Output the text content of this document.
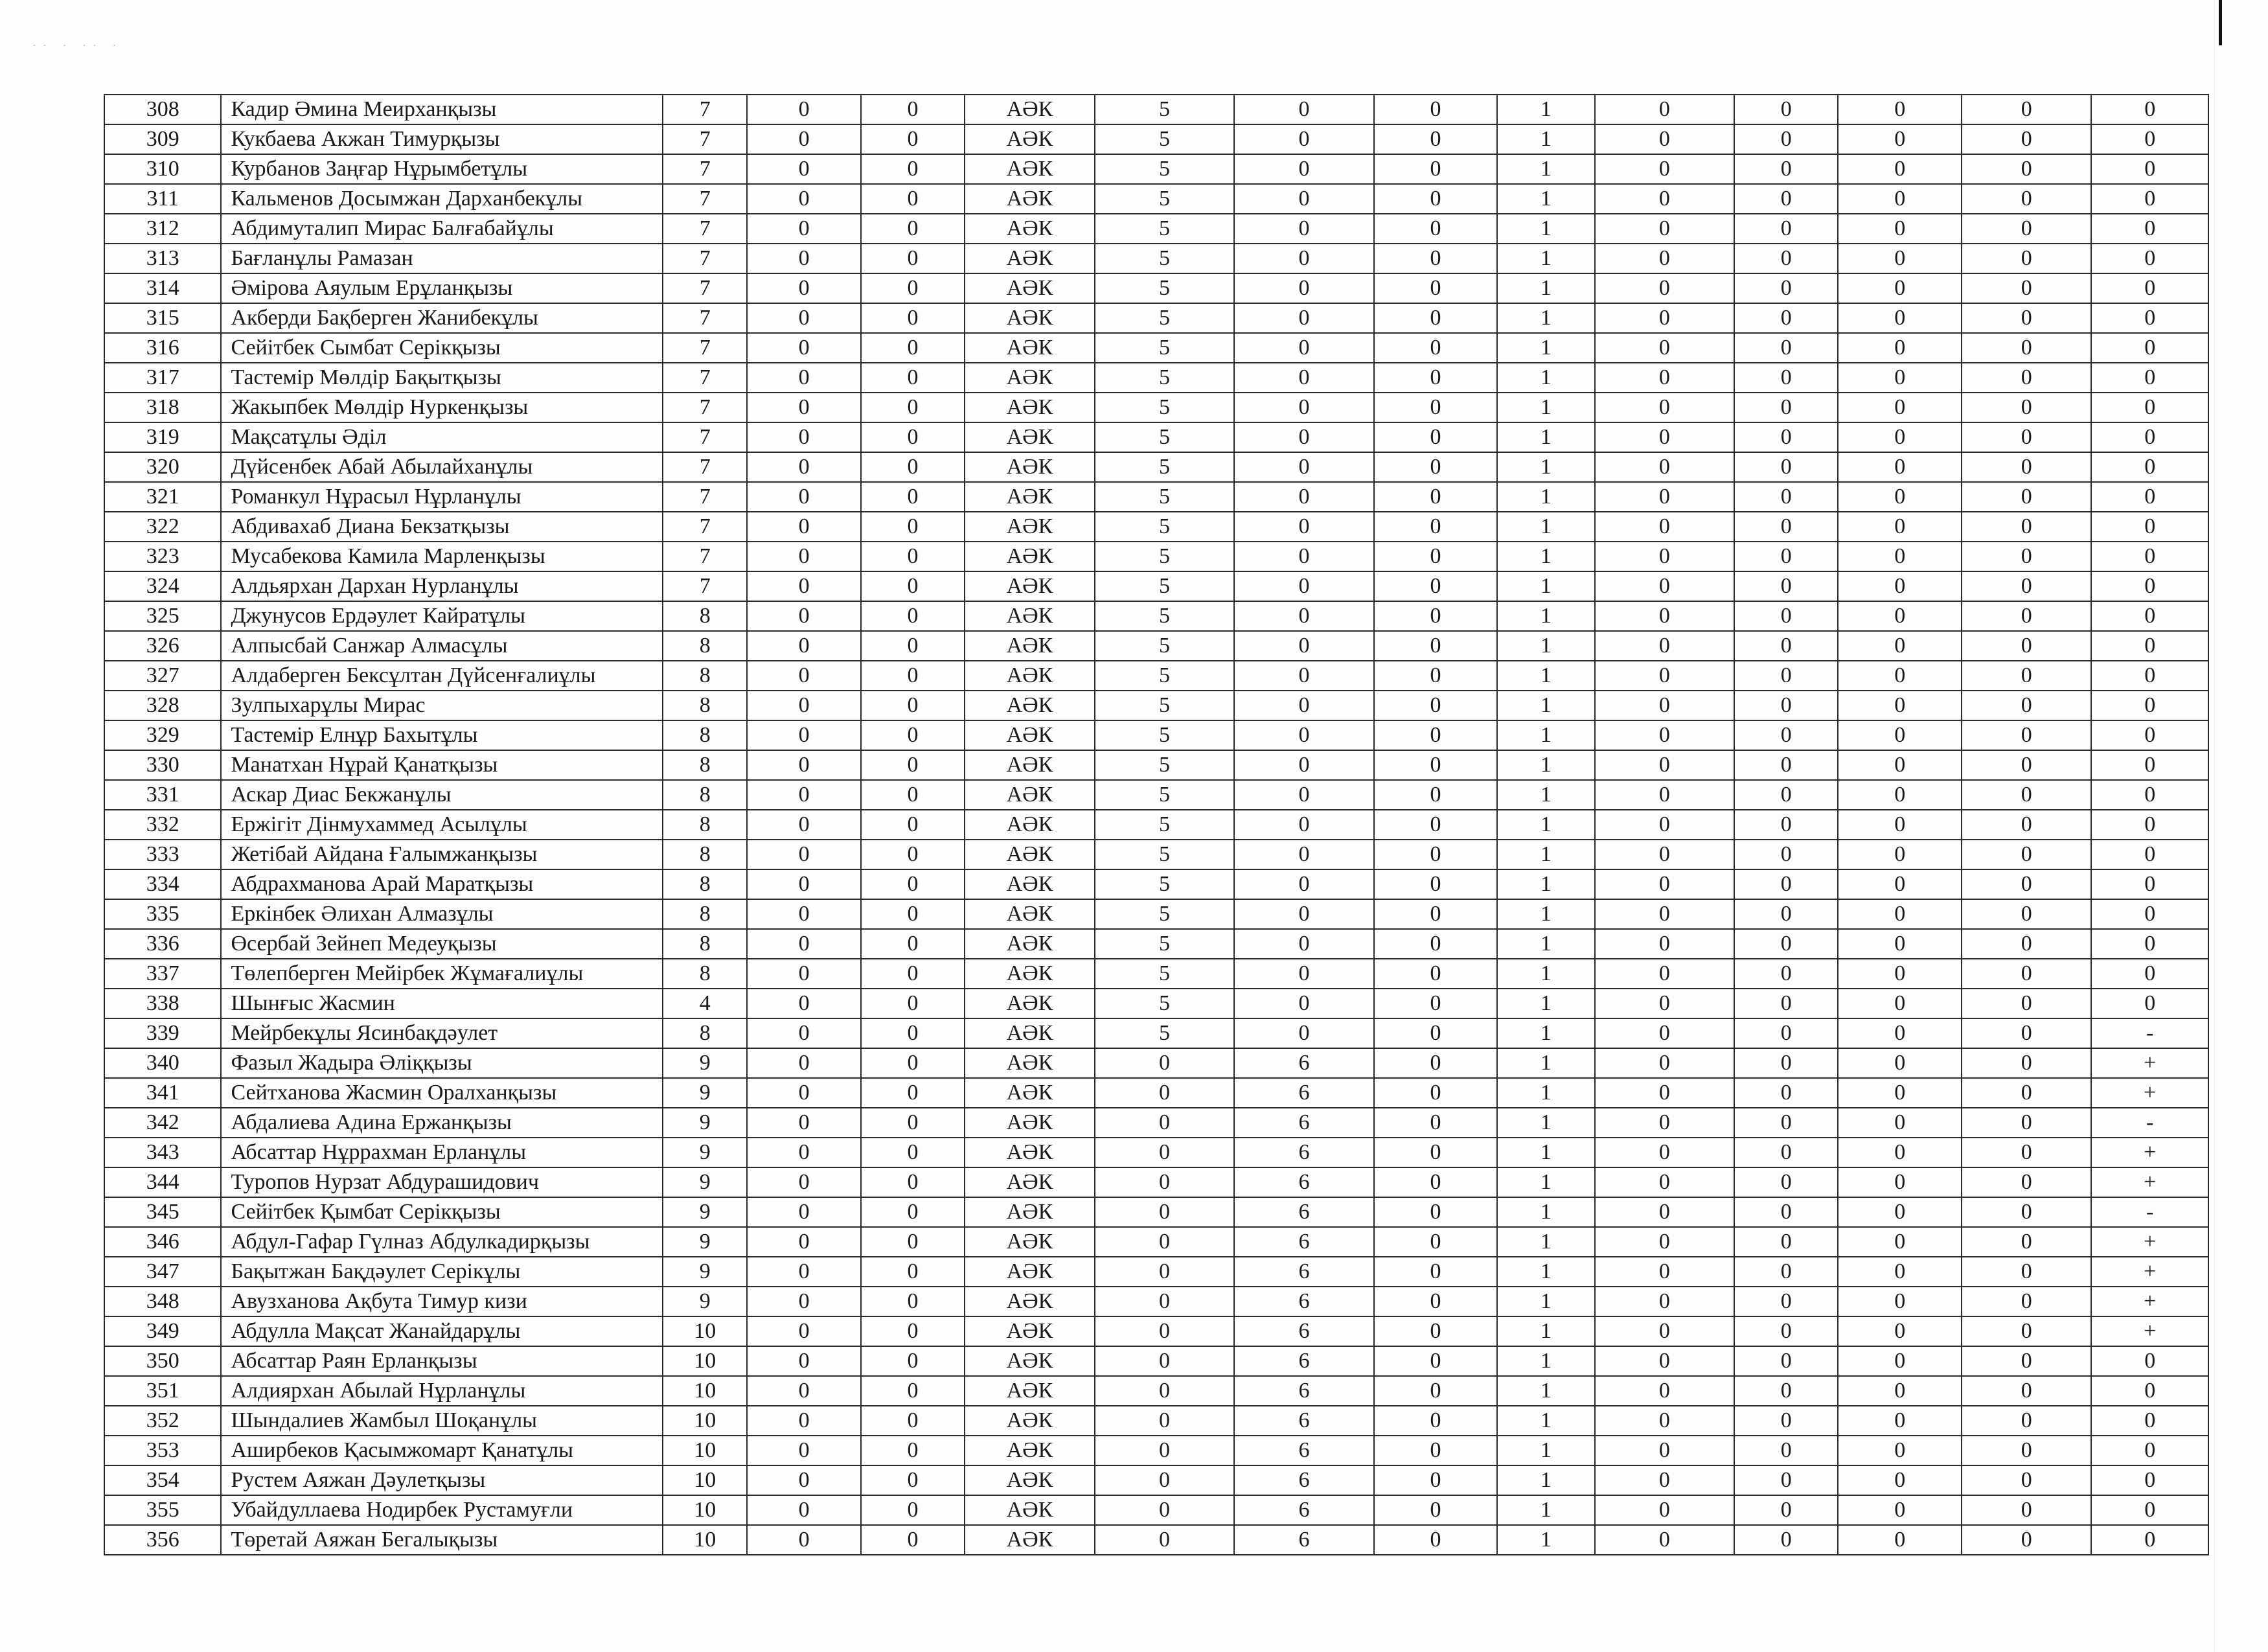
·· · ·· ·
308	Кадир Әмина Меирханқызы	7	0	0	АӘК	5	0	0	1	0	0	0	0	0
309	Кукбаева Акжан Тимурқызы	7	0	0	АӘК	5	0	0	1	0	0	0	0	0
310	Курбанов Заңғар Нұрымбетұлы	7	0	0	АӘК	5	0	0	1	0	0	0	0	0
311	Кальменов Досымжан Дарханбекұлы	7	0	0	АӘК	5	0	0	1	0	0	0	0	0
312	Абдимуталип Мирас Балғабайұлы	7	0	0	АӘК	5	0	0	1	0	0	0	0	0
313	Бағланұлы Рамазан	7	0	0	АӘК	5	0	0	1	0	0	0	0	0
314	Әмірова Аяулым Ерұланқызы	7	0	0	АӘК	5	0	0	1	0	0	0	0	0
315	Акберди Бақберген Жанибекұлы	7	0	0	АӘК	5	0	0	1	0	0	0	0	0
316	Сейітбек Сымбат Серікқызы	7	0	0	АӘК	5	0	0	1	0	0	0	0	0
317	Тастемір Мөлдір Бақытқызы	7	0	0	АӘК	5	0	0	1	0	0	0	0	0
318	Жакыпбек Мөлдір Нуркенқызы	7	0	0	АӘК	5	0	0	1	0	0	0	0	0
319	Мақсатұлы Әділ	7	0	0	АӘК	5	0	0	1	0	0	0	0	0
320	Дүйсенбек Абай Абылайханұлы	7	0	0	АӘК	5	0	0	1	0	0	0	0	0
321	Романкул Нұрасыл Нұрланұлы	7	0	0	АӘК	5	0	0	1	0	0	0	0	0
322	Абдивахаб Диана Бекзатқызы	7	0	0	АӘК	5	0	0	1	0	0	0	0	0
323	Мусабекова Камила Марленқызы	7	0	0	АӘК	5	0	0	1	0	0	0	0	0
324	Алдьярхан Дархан Нурланұлы	7	0	0	АӘК	5	0	0	1	0	0	0	0	0
325	Джунусов Ердәулет Кайратұлы	8	0	0	АӘК	5	0	0	1	0	0	0	0	0
326	Алпысбай Санжар Алмасұлы	8	0	0	АӘК	5	0	0	1	0	0	0	0	0
327	Алдаберген Бексұлтан Дүйсенғалиұлы	8	0	0	АӘК	5	0	0	1	0	0	0	0	0
328	Зулпыхарұлы Мирас	8	0	0	АӘК	5	0	0	1	0	0	0	0	0
329	Тастемір Елнұр Бахытұлы	8	0	0	АӘК	5	0	0	1	0	0	0	0	0
330	Манатхан Нұрай Қанатқызы	8	0	0	АӘК	5	0	0	1	0	0	0	0	0
331	Аскар Диас Бекжанұлы	8	0	0	АӘК	5	0	0	1	0	0	0	0	0
332	Ержігіт Дінмухаммед Асылұлы	8	0	0	АӘК	5	0	0	1	0	0	0	0	0
333	Жетібай Айдана Ғалымжанқызы	8	0	0	АӘК	5	0	0	1	0	0	0	0	0
334	Абдрахманова Арай Маратқызы	8	0	0	АӘК	5	0	0	1	0	0	0	0	0
335	Еркінбек Әлихан Алмазұлы	8	0	0	АӘК	5	0	0	1	0	0	0	0	0
336	Өсербай Зейнеп Медеуқызы	8	0	0	АӘК	5	0	0	1	0	0	0	0	0
337	Төлепберген Мейірбек Жұмағалиұлы	8	0	0	АӘК	5	0	0	1	0	0	0	0	0
338	Шынғыс Жасмин	4	0	0	АӘК	5	0	0	1	0	0	0	0	0
339	Мейрбекұлы Ясинбақдәулет	8	0	0	АӘК	5	0	0	1	0	0	0	0	-
340	Фазыл Жадыра Әліққызы	9	0	0	АӘК	0	6	0	1	0	0	0	0	+
341	Сейтханова Жасмин Оралханқызы	9	0	0	АӘК	0	6	0	1	0	0	0	0	+
342	Абдалиева Адина Ержанқызы	9	0	0	АӘК	0	6	0	1	0	0	0	0	-
343	Абсаттар Нұррахман Ерланұлы	9	0	0	АӘК	0	6	0	1	0	0	0	0	+
344	Туропов Нурзат Абдурашидович	9	0	0	АӘК	0	6	0	1	0	0	0	0	+
345	Сейітбек Қымбат Серікқызы	9	0	0	АӘК	0	6	0	1	0	0	0	0	-
346	Абдул-Гафар Гүлназ Абдулкадирқызы	9	0	0	АӘК	0	6	0	1	0	0	0	0	+
347	Бақытжан Бақдәулет Серікұлы	9	0	0	АӘК	0	6	0	1	0	0	0	0	+
348	Авузханова Ақбута Тимур кизи	9	0	0	АӘК	0	6	0	1	0	0	0	0	+
349	Абдулла Мақсат Жанайдарұлы	10	0	0	АӘК	0	6	0	1	0	0	0	0	+
350	Абсаттар Раян Ерланқызы	10	0	0	АӘК	0	6	0	1	0	0	0	0	0
351	Алдиярхан Абылай Нұрланұлы	10	0	0	АӘК	0	6	0	1	0	0	0	0	0
352	Шындалиев Жамбыл Шоқанұлы	10	0	0	АӘК	0	6	0	1	0	0	0	0	0
353	Аширбеков Қасымжомарт Қанатұлы	10	0	0	АӘК	0	6	0	1	0	0	0	0	0
354	Рустем Аяжан Дәулетқызы	10	0	0	АӘК	0	6	0	1	0	0	0	0	0
355	Убайдуллаева Нодирбек Рустамуғли	10	0	0	АӘК	0	6	0	1	0	0	0	0	0
356	Төретай Аяжан Бегалықызы	10	0	0	АӘК	0	6	0	1	0	0	0	0	0
